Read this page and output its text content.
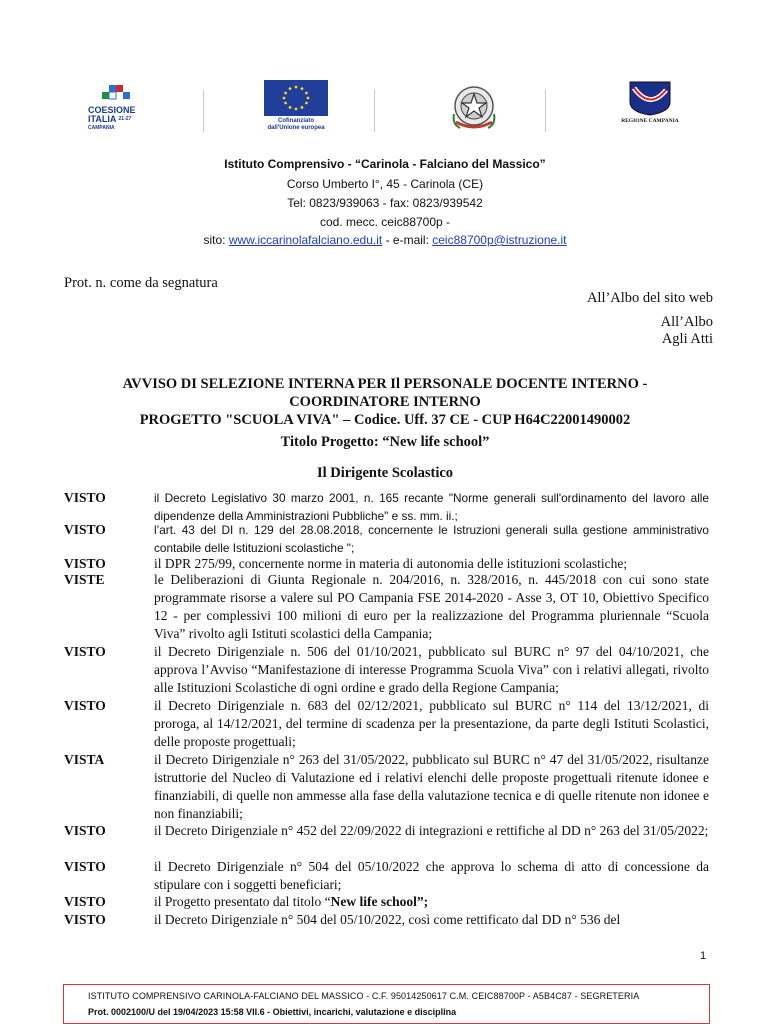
COESIONE
ITALIA $^{21-27}$
CAMPANIA
Cofinanziato
dall'Unione europea
REGIONE CAMPANIA
Istituto Comprensivo - “Carinola - Falciano del Massico”
Corso Umberto I°, 45 - Carinola (CE)
Tel: 0823/939063 - fax: 0823/939542
cod. mecc. ceic88700p -
sito: www.iccarinolafalciano.edu.it - e-mail: ceic88700p@istruzione.it
Prot. n. come da segnatura
All’Albo del sito web
All’Albo
Agli Atti
AVVISO DI SELEZIONE INTERNA PER Il PERSONALE DOCENTE INTERNO -
COORDINATORE INTERNO
PROGETTO "SCUOLA VIVA" – Codice. Uff. 37 CE - CUP H64C22001490002
Titolo Progetto: “New life school”
Il Dirigente Scolastico
VISTO	il Decreto Legislativo 30 marzo 2001, n. 165 recante "Norme generali sull'ordinamento del lavoro alle dipendenze della Amministrazioni Pubbliche" e ss. mm. ii.;
VISTO	l’art. 43 del DI n. 129 del 28.08.2018, concernente le Istruzioni generali sulla gestione amministrativo contabile delle Istituzioni scolastiche ";
VISTO	il DPR 275/99, concernente norme in materia di autonomia delle istituzioni scolastiche;
VISTE	le Deliberazioni di Giunta Regionale n. 204/2016, n. 328/2016, n. 445/2018 con cui sono state programmate risorse a valere sul PO Campania FSE 2014-2020 - Asse 3, OT 10, Obiettivo Specifico 12 - per complessivi 100 milioni di euro per la realizzazione del Programma pluriennale “Scuola Viva” rivolto agli Istituti scolastici della Campania;
VISTO	il Decreto Dirigenziale n. 506 del 01/10/2021, pubblicato sul BURC n° 97 del 04/10/2021, che approva l’Avviso “Manifestazione di interesse Programma Scuola Viva” con i relativi allegati, rivolto alle Istituzioni Scolastiche di ogni ordine e grado della Regione Campania;
VISTO	il Decreto Dirigenziale n. 683 del 02/12/2021, pubblicato sul BURC n° 114 del 13/12/2021, di proroga, al 14/12/2021, del termine di scadenza per la presentazione, da parte degli Istituti Scolastici, delle proposte progettuali;
VISTA	il Decreto Dirigenziale n° 263 del 31/05/2022, pubblicato sul BURC n° 47 del 31/05/2022, risultanze istruttorie del Nucleo di Valutazione ed i relativi elenchi delle proposte progettuali ritenute idonee e finanziabili, di quelle non ammesse alla fase della valutazione tecnica e di quelle ritenute non idonee e non finanziabili;
VISTO	il Decreto Dirigenziale n° 452 del 22/09/2022 di integrazioni e rettifiche al DD n° 263 del 31/05/2022;
VISTO	il Decreto Dirigenziale n° 504 del 05/10/2022 che approva lo schema di atto di concessione da stipulare con i soggetti beneficiari;
VISTO	il Progetto presentato dal titolo “New life school”;
VISTO	il Decreto Dirigenziale n° 504 del 05/10/2022, così come rettificato dal DD n° 536 del
1
ISTITUTO COMPRENSIVO CARINOLA-FALCIANO DEL MASSICO - C.F. 95014250617 C.M. CEIC88700P - A5B4C87 - SEGRETERIA
Prot. 0002100/U del 19/04/2023 15:58 VII.6 - Obiettivi, incarichi, valutazione e disciplina
